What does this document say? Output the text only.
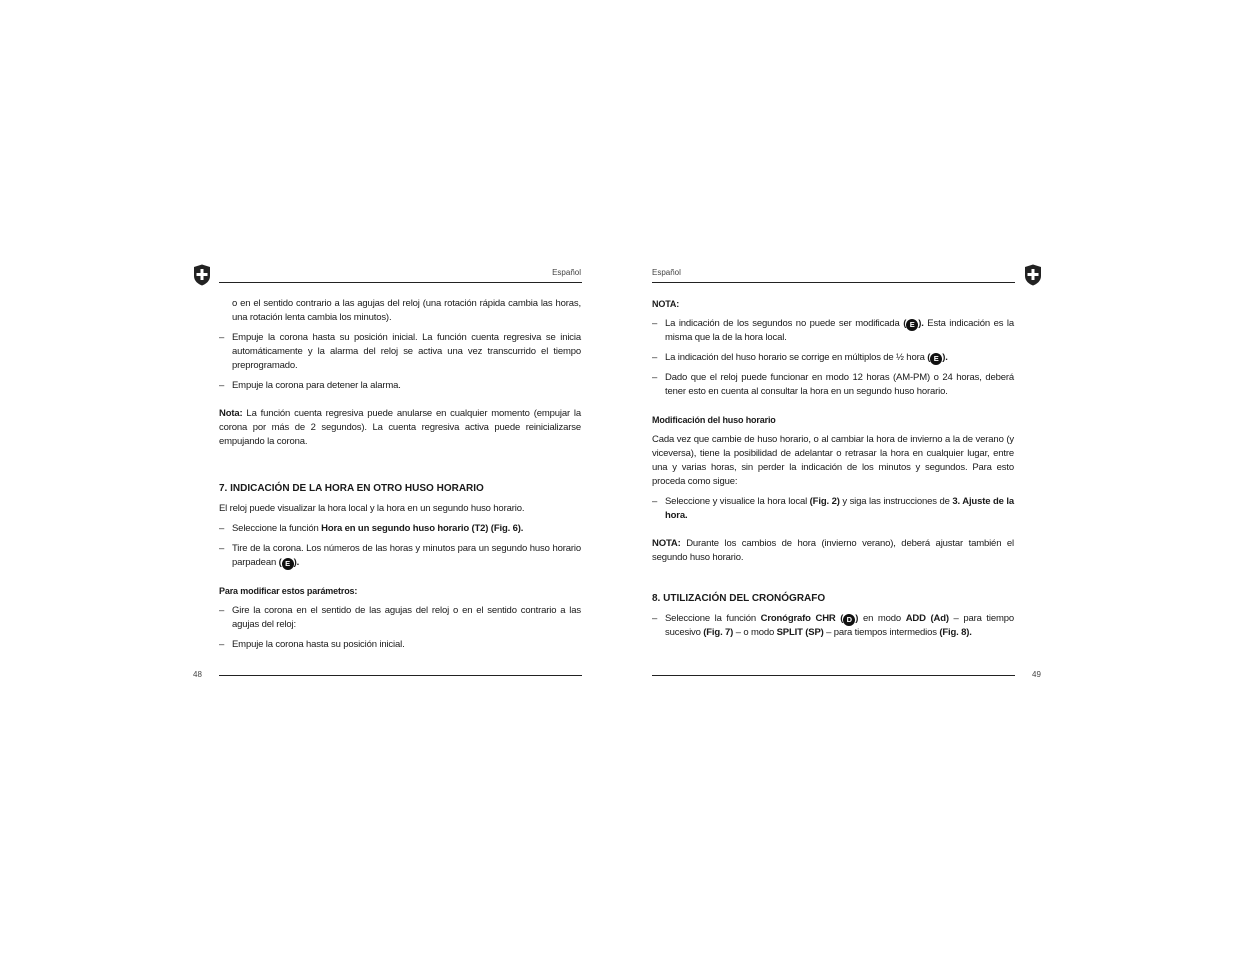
Español

o en el sentido contrario a las agujas del reloj (una rotación rápida cambia las horas, una rotación lenta cambia los minutos).

– Empuje la corona hasta su posición inicial. La función cuenta regresiva se inicia automáticamente y la alarma del reloj se activa una vez transcurrido el tiempo preprogramado.
– Empuje la corona para detener la alarma.

Nota: La función cuenta regresiva puede anularse en cualquier momento (empujar la corona por más de 2 segundos). La cuenta regresiva activa puede reinicializarse empujando la corona.

7. INDICACIÓN DE LA HORA EN OTRO HUSO HORARIO

El reloj puede visualizar la hora local y la hora en un segundo huso horario.

– Seleccione la función Hora en un segundo huso horario (T2) (Fig. 6).
– Tire de la corona. Los números de las horas y minutos para un segundo huso horario parpadean ( E ).

Para modificar estos parámetros:

– Gire la corona en el sentido de las agujas del reloj o en el sentido contrario a las agujas del reloj:
– Empuje la corona hasta su posición inicial.
48
Español

NOTA:

– La indicación de los segundos no puede ser modificada ( E ). Esta indicación es la misma que la de la hora local.
– La indicación del huso horario se corrige en múltiplos de ½ hora ( E ).
– Dado que el reloj puede funcionar en modo 12 horas (AM-PM) o 24 horas, deberá tener esto en cuenta al consultar la hora en un segundo huso horario.

Modificación del huso horario

Cada vez que cambie de huso horario, o al cambiar la hora de invierno a la de verano (y viceversa), tiene la posibilidad de adelantar o retrasar la hora en cualquier lugar, entre una y varias horas, sin perder la indicación de los minutos y segundos. Para esto proceda como sigue:

– Seleccione y visualice la hora local (Fig. 2) y siga las instrucciones de 3. Ajuste de la hora.

NOTA: Durante los cambios de hora (invierno verano), deberá ajustar también el segundo huso horario.

8. UTILIZACIÓN DEL CRONÓGRAFO

– Seleccione la función Cronógrafo CHR ( D ) en modo ADD (Ad) – para tiempo sucesivo (Fig. 7) – o modo SPLIT (SP) – para tiempos intermedios (Fig. 8).
49
